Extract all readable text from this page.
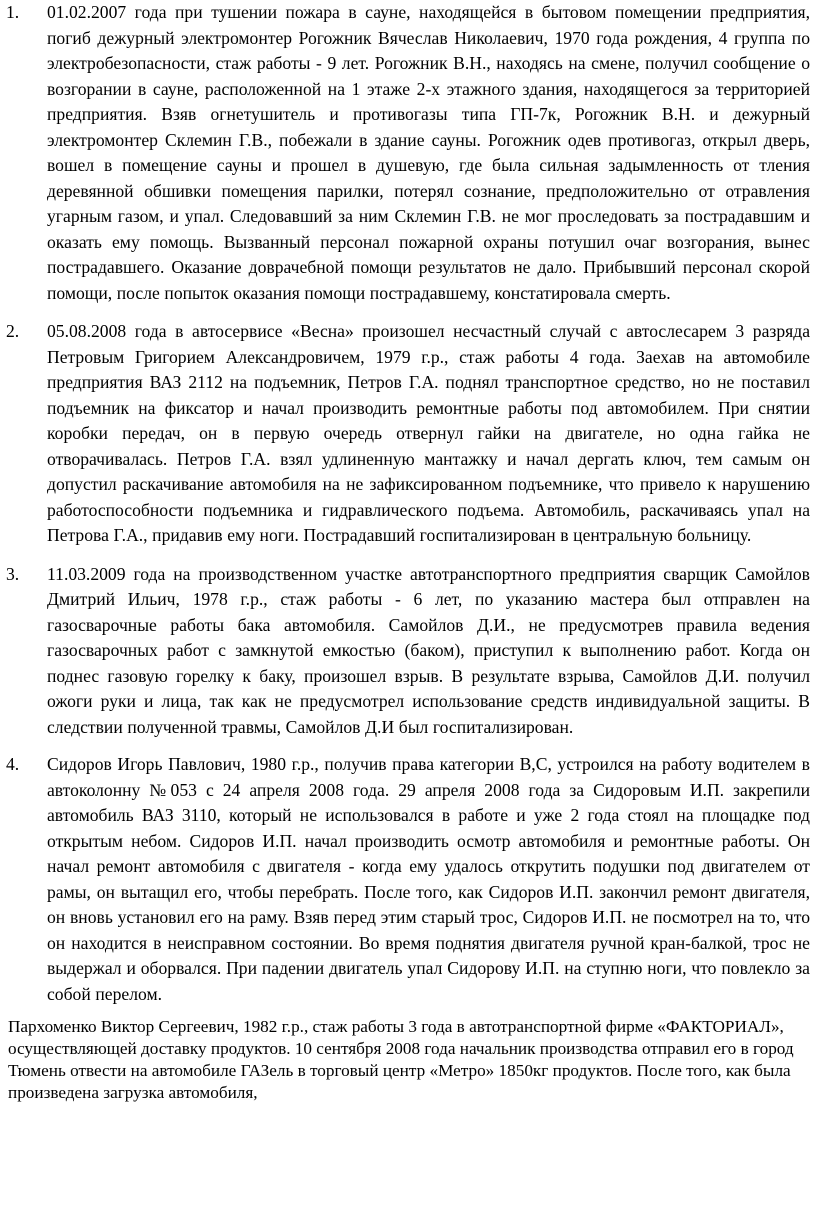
1. 01.02.2007 года при тушении пожара в сауне, находящейся в бытовом помещении предприятия, погиб дежурный электромонтер Рогожник Вячеслав Николаевич, 1970 года рождения, 4 группа по электробезопасности, стаж работы - 9 лет. Рогожник В.Н., находясь на смене, получил сообщение о возгорании в сауне, расположенной на 1 этаже 2-х этажного здания, находящегося за территорией предприятия. Взяв огнетушитель и противогазы типа ГП-7к, Рогожник В.Н. и дежурный электромонтер Склемин Г.В., побежали в здание сауны. Рогожник одев противогаз, открыл дверь, вошел в помещение сауны и прошел в душевую, где была сильная задымленность от тления деревянной обшивки помещения парилки, потерял сознание, предположительно от отравления угарным газом, и упал. Следовавший за ним Склемин Г.В. не мог проследовать за пострадавшим и оказать ему помощь. Вызванный персонал пожарной охраны потушил очаг возгорания, вынес пострадавшего. Оказание доврачебной помощи результатов не дало. Прибывший персонал скорой помощи, после попыток оказания помощи пострадавшему, констатировала смерть.

2. 05.08.2008 года в автосервисе «Весна» произошел несчастный случай с автослесарем 3 разряда Петровым Григорием Александровичем, 1979 г.р., стаж работы 4 года. Заехав на автомобиле предприятия ВАЗ 2112 на подъемник, Петров Г.А. поднял транспортное средство, но не поставил подъемник на фиксатор и начал производить ремонтные работы под автомобилем. При снятии коробки передач, он в первую очередь отвернул гайки на двигателе, но одна гайка не отворачивалась. Петров Г.А. взял удлиненную мантажку и начал дергать ключ, тем самым он допустил раскачивание автомобиля на не зафиксированном подъемнике, что привело к нарушению работоспособности подъемника и гидравлического подъема. Автомобиль, раскачиваясь упал на Петрова Г.А., придавив ему ноги. Пострадавший госпитализирован в центральную больницу.

3. 11.03.2009 года на производственном участке автотранспортного предприятия сварщик Самойлов Дмитрий Ильич, 1978 г.р., стаж работы - 6 лет, по указанию мастера был отправлен на газосварочные работы бака автомобиля. Самойлов Д.И., не предусмотрев правила ведения газосварочных работ с замкнутой емкостью (баком), приступил к выполнению работ. Когда он поднес газовую горелку к баку, произошел взрыв. В результате взрыва, Самойлов Д.И. получил ожоги руки и лица, так как не предусмотрел использование средств индивидуальной защиты. В следствии полученной травмы, Самойлов Д.И был госпитализирован.

4. Сидоров Игорь Павлович, 1980 г.р., получив права категории В,С, устроился на работу водителем в автоколонну №053 с 24 апреля 2008 года. 29 апреля 2008 года за Сидоровым И.П. закрепили автомобиль ВАЗ 3110, который не использовался в работе и уже 2 года стоял на площадке под открытым небом. Сидоров И.П. начал производить осмотр автомобиля и ремонтные работы. Он начал ремонт автомобиля с двигателя - когда ему удалось открутить подушки под двигателем от рамы, он вытащил его, чтобы перебрать. После того, как Сидоров И.П. закончил ремонт двигателя, он вновь установил его на раму. Взяв перед этим старый трос, Сидоров И.П. не посмотрел на то, что он находится в неисправном состоянии. Во время поднятия двигателя ручной кран-балкой, трос не выдержал и оборвался. При падении двигатель упал Сидорову И.П. на ступню ноги, что повлекло за собой перелом.

Пархоменко Виктор Сергеевич, 1982 г.р., стаж работы 3 года в автотранспортной фирме «ФАКТОРИАЛ», осуществляющей доставку продуктов. 10 сентября 2008 года начальник производства отправил его в город Тюмень отвести на автомобиле ГАЗель в торговый центр «Метро» 1850кг продуктов. После того, как была произведена загрузка автомобиля,
